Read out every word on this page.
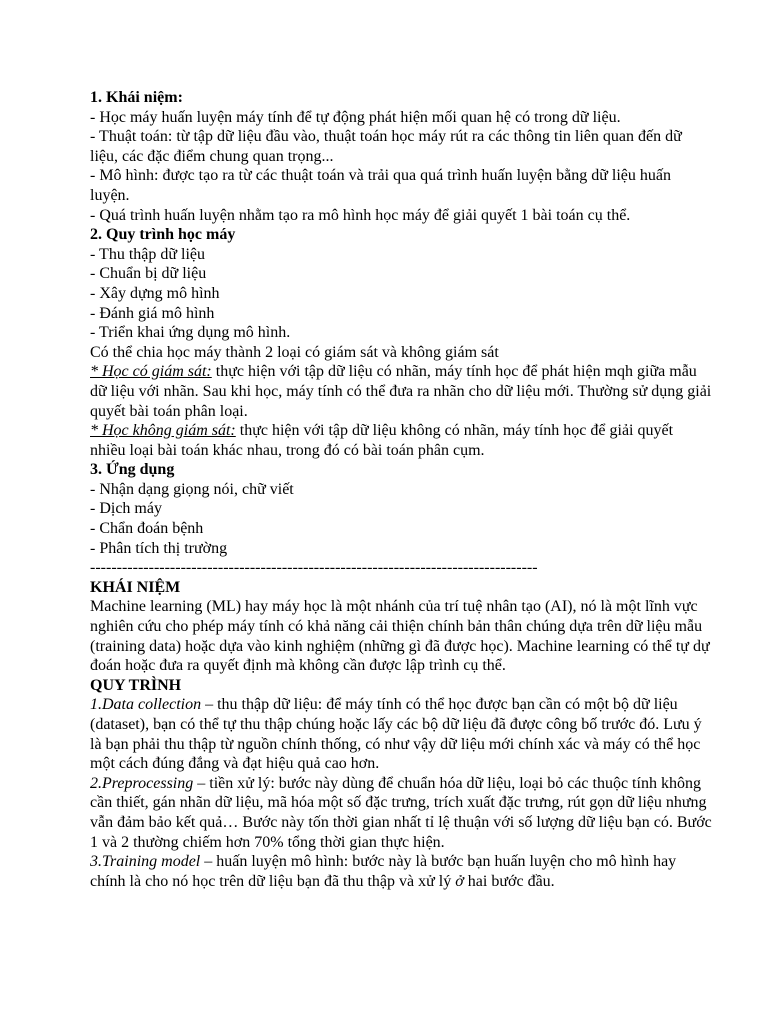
1. Khái niệm:

- Học máy huấn luyện máy tính để tự động phát hiện mối quan hệ có trong dữ liệu.

- Thuật toán: từ tập dữ liệu đầu vào, thuật toán học máy rút ra các thông tin liên quan đến dữ liệu, các đặc điểm chung quan trọng...

- Mô hình: được tạo ra từ các thuật toán và trải qua quá trình huấn luyện bằng dữ liệu huấn luyện.

- Quá trình huấn luyện nhằm tạo ra mô hình học máy để giải quyết 1 bài toán cụ thể.

2. Quy trình học máy

- Thu thập dữ liệu

- Chuẩn bị dữ liệu

- Xây dựng mô hình

- Đánh giá mô hình

- Triển khai ứng dụng mô hình.

Có thể chia học máy thành 2 loại có giám sát và không giám sát

* Học có giám sát: thực hiện với tập dữ liệu có nhãn, máy tính học để phát hiện mqh giữa mẫu dữ liệu với nhãn. Sau khi học, máy tính có thể đưa ra nhãn cho dữ liệu mới. Thường sử dụng giải quyết bài toán phân loại.

* Học không giám sát: thực hiện với tập dữ liệu không có nhãn, máy tính học để giải quyết nhiều loại bài toán khác nhau, trong đó có bài toán phân cụm.

3. Ứng dụng

- Nhận dạng giọng nói, chữ viết

- Dịch máy

- Chẩn đoán bệnh

- Phân tích thị trường

------------------------------------------------------------------------------------

KHÁI NIỆM

Machine learning (ML) hay máy học là một nhánh của trí tuệ nhân tạo (AI), nó là một lĩnh vực nghiên cứu cho phép máy tính có khả năng cải thiện chính bản thân chúng dựa trên dữ liệu mẫu (training data) hoặc dựa vào kinh nghiệm (những gì đã được học). Machine learning có thể tự dự đoán hoặc đưa ra quyết định mà không cần được lập trình cụ thể.

QUY TRÌNH

1.Data collection – thu thập dữ liệu: để máy tính có thể học được bạn cần có một bộ dữ liệu (dataset), bạn có thể tự thu thập chúng hoặc lấy các bộ dữ liệu đã được công bố trước đó. Lưu ý là bạn phải thu thập từ nguồn chính thống, có như vậy dữ liệu mới chính xác và máy có thể học một cách đúng đắng và đạt hiệu quả cao hơn.

2.Preprocessing – tiền xử lý: bước này dùng để chuẩn hóa dữ liệu, loại bỏ các thuộc tính không cần thiết, gán nhãn dữ liệu, mã hóa một số đặc trưng, trích xuất đặc trưng, rút gọn dữ liệu nhưng vẫn đảm bảo kết quả… Bước này tốn thời gian nhất tỉ lệ thuận với số lượng dữ liệu bạn có. Bước 1 và 2 thường chiếm hơn 70% tổng thời gian thực hiện.

3.Training model – huấn luyện mô hình: bước này là bước bạn huấn luyện cho mô hình hay chính là cho nó học trên dữ liệu bạn đã thu thập và xử lý ở hai bước đầu.
